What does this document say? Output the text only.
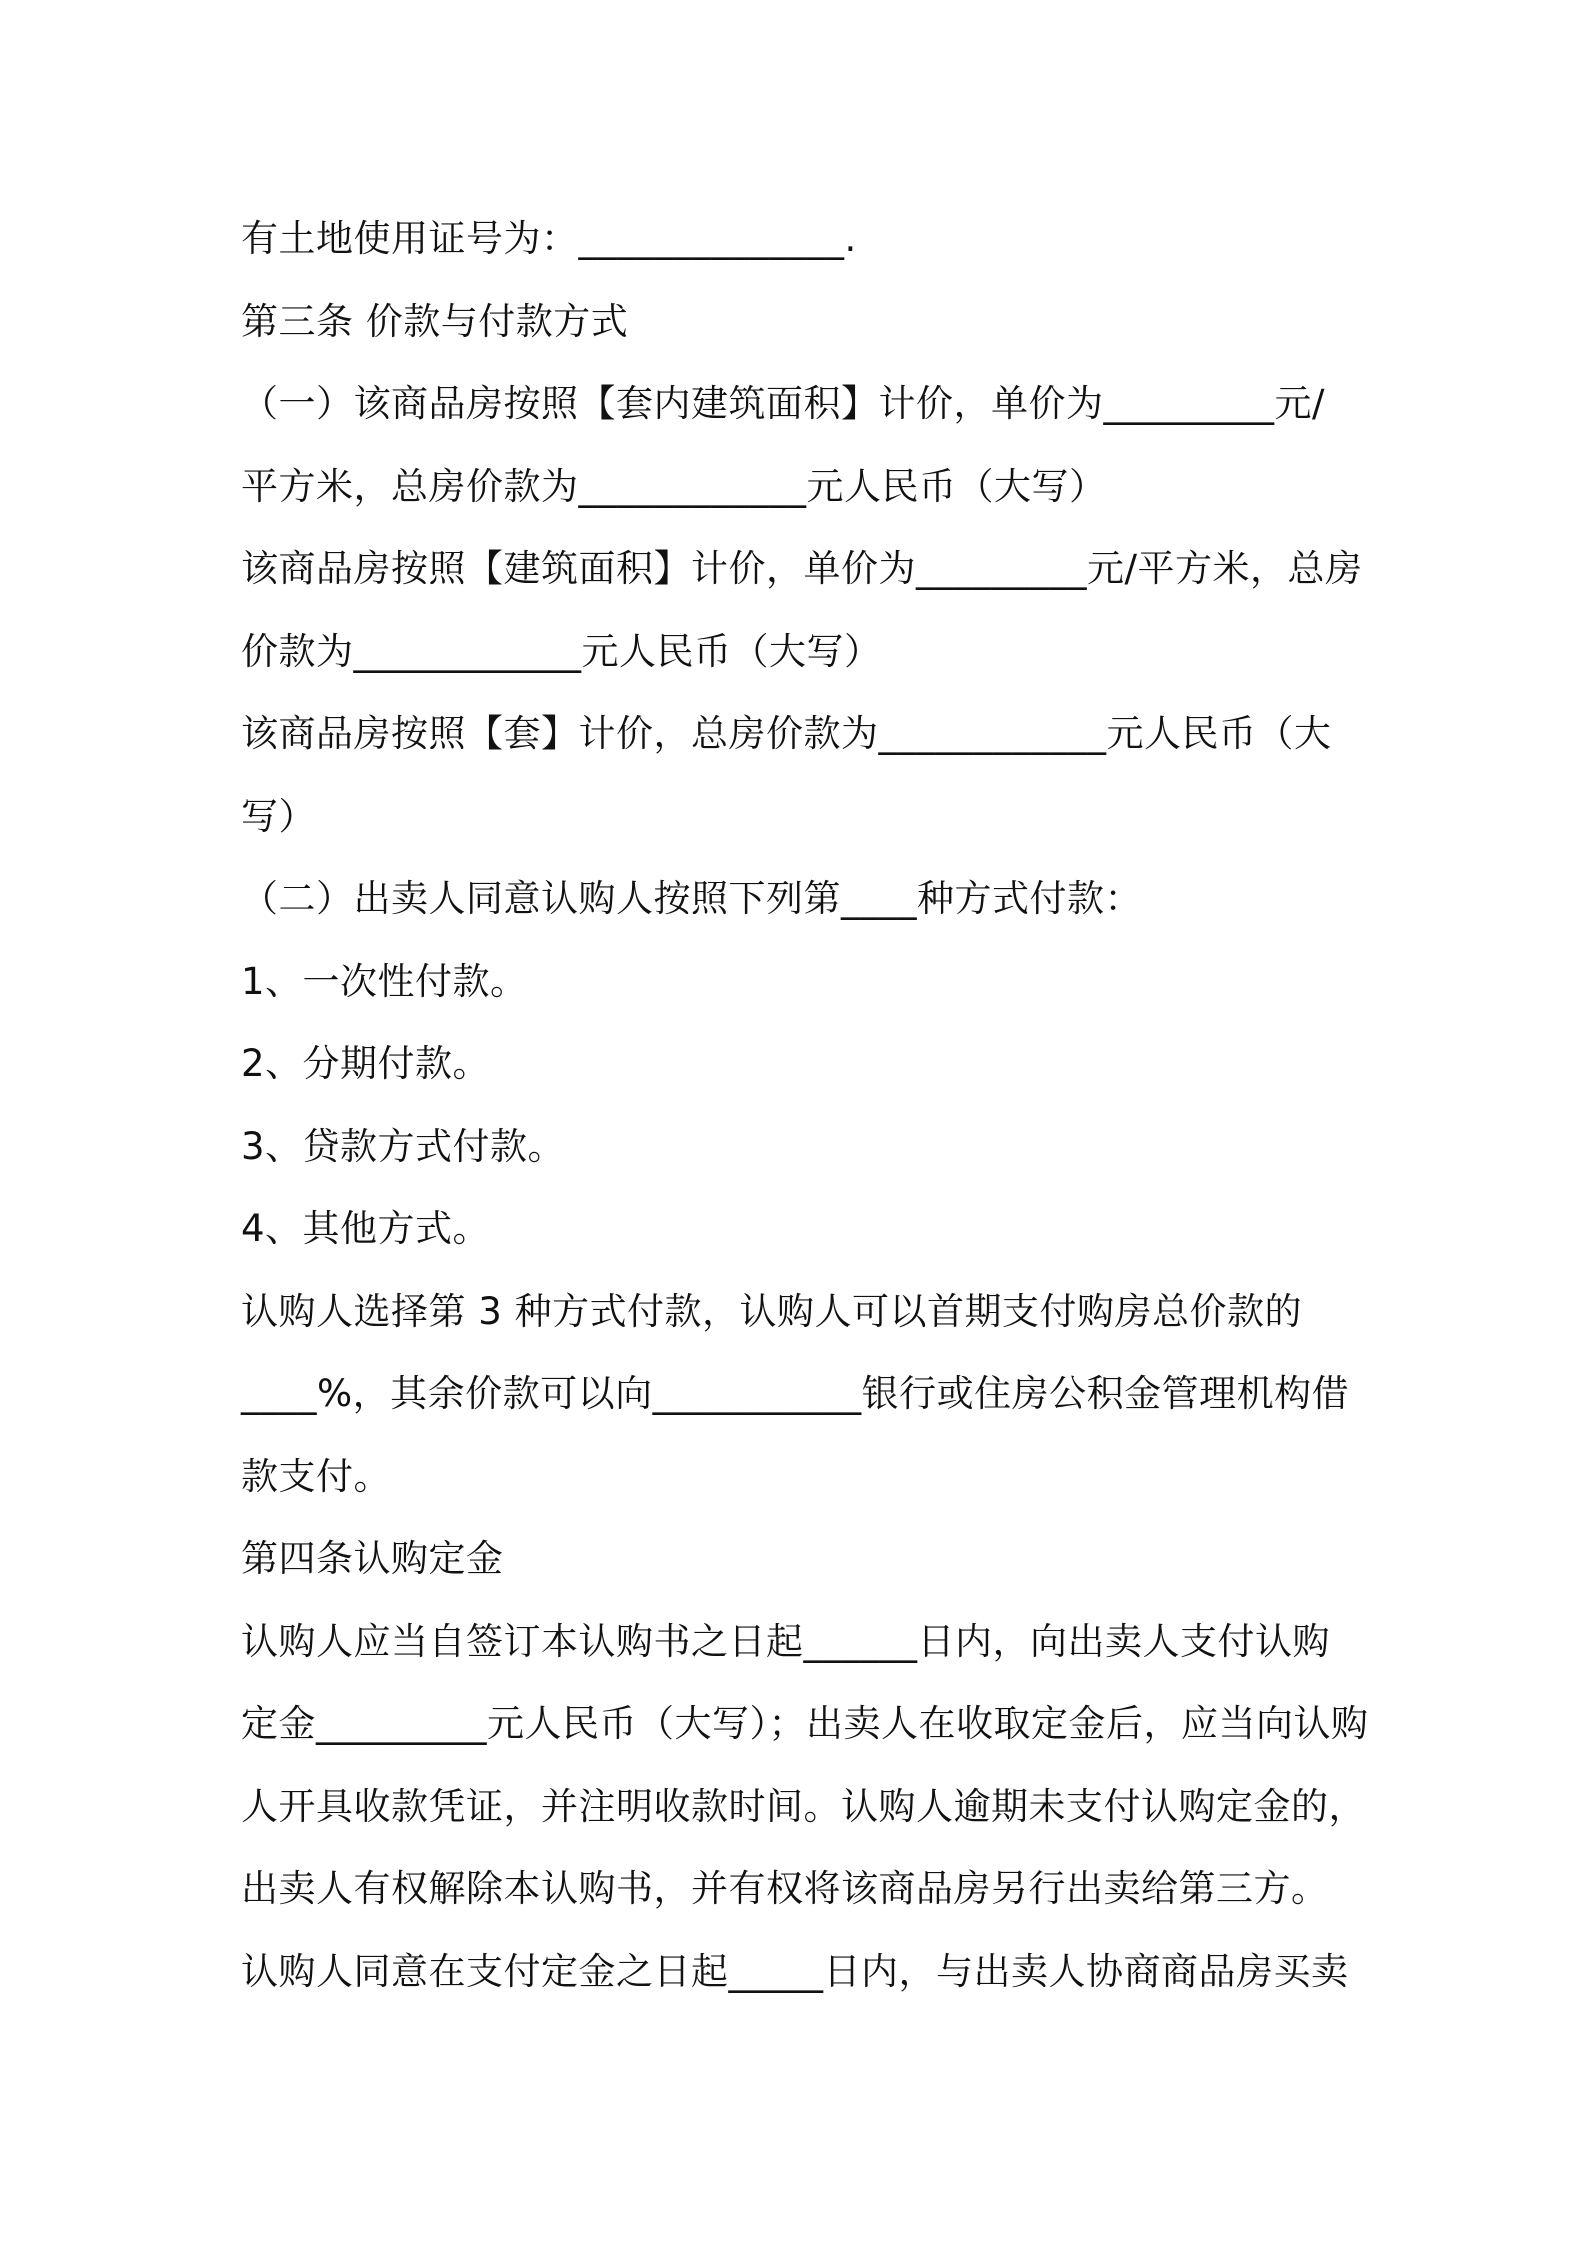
有土地使用证号为：______________.

第三条 价款与付款方式

（一）该商品房按照【套内建筑面积】计价，单价为_________元/

平方米，总房价款为____________元人民币（大写）

该商品房按照【建筑面积】计价，单价为_________元/平方米，总房

价款为____________元人民币（大写）

该商品房按照【套】计价，总房价款为____________元人民币（大

写）

（二）出卖人同意认购人按照下列第____种方式付款：

1、一次性付款。

2、分期付款。

3、贷款方式付款。

4、其他方式。

认购人选择第 3 种方式付款，认购人可以首期支付购房总价款的

____%，其余价款可以向___________银行或住房公积金管理机构借

款支付。

第四条认购定金

认购人应当自签订本认购书之日起______日内，向出卖人支付认购

定金_________元人民币（大写）；出卖人在收取定金后，应当向认购

人开具收款凭证，并注明收款时间。认购人逾期未支付认购定金的，

出卖人有权解除本认购书，并有权将该商品房另行出卖给第三方。

认购人同意在支付定金之日起_____日内，与出卖人协商商品房买卖
